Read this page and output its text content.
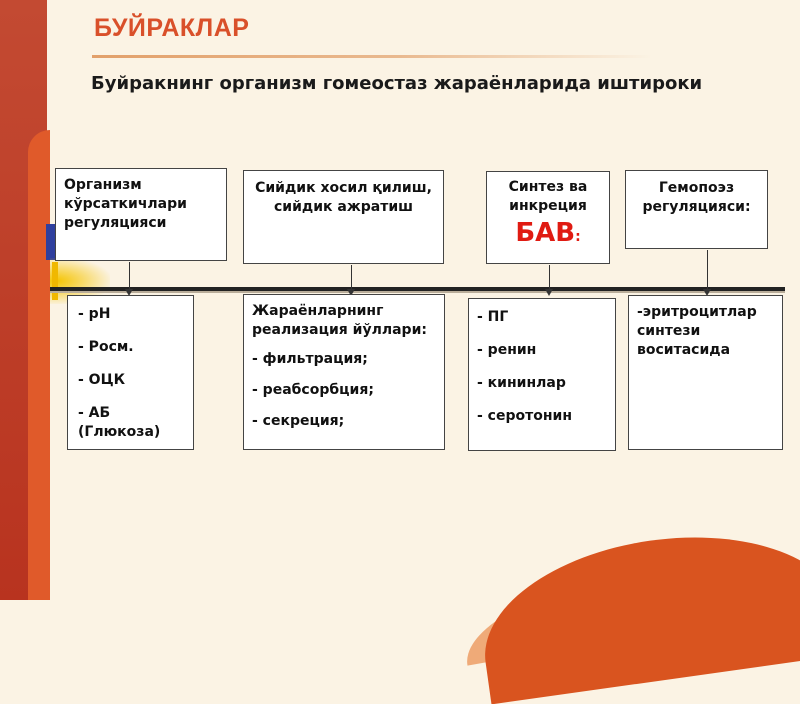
БУЙРАКЛАР
Буйракнинг организм гомеостаз жараёнларида иштироки
Организм кўрсаткичлари регуляцияси
Сийдик хосил қилиш, сийдик ажратиш
Синтез ва инкреция
БАВ:
Гемопоэз регуляцияси:

- рН

- Росм.

- ОЦК

- АБ (Глюкоза)

Жараёнларнинг реализация йўллари:

- фильтрация;

- реабсорбция;

- секреция;

- ПГ

- ренин

- кининлар

- серотонин

-эритроцитлар синтези воситасида
